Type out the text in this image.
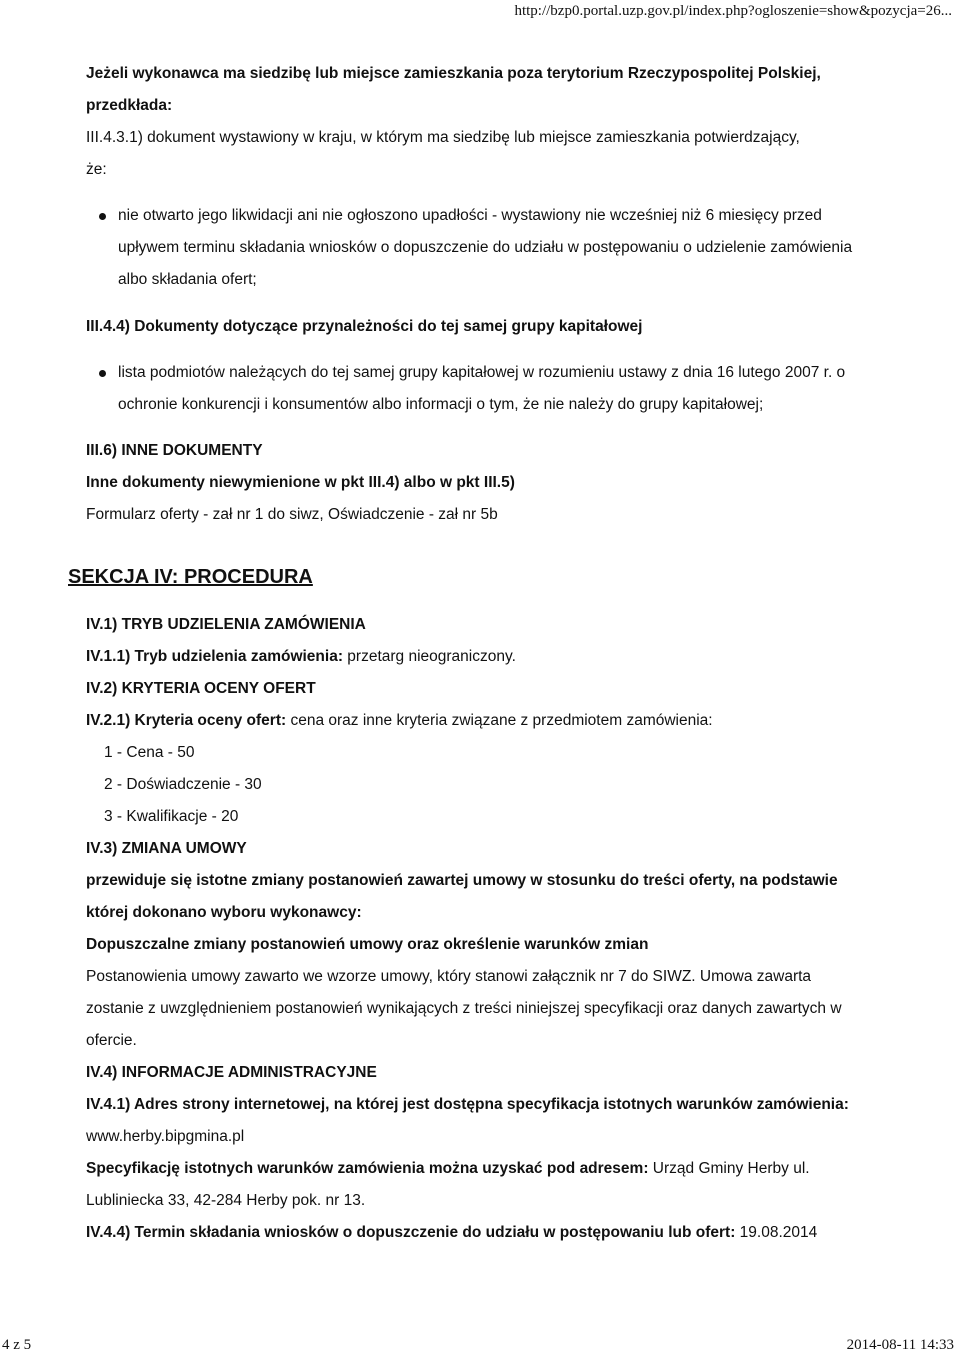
http://bzp0.portal.uzp.gov.pl/index.php?ogloszenie=show&pozycja=26...

Jeżeli wykonawca ma siedzibę lub miejsce zamieszkania poza terytorium Rzeczypospolitej Polskiej,

przedkłada:

III.4.3.1) dokument wystawiony w kraju, w którym ma siedzibę lub miejsce zamieszkania potwierdzający,

że:

nie otwarto jego likwidacji ani nie ogłoszono upadłości - wystawiony nie wcześniej niż 6 miesięcy przed

upływem terminu składania wniosków o dopuszczenie do udziału w postępowaniu o udzielenie zamówienia

albo składania ofert;

III.4.4) Dokumenty dotyczące przynależności do tej samej grupy kapitałowej

lista podmiotów należących do tej samej grupy kapitałowej w rozumieniu ustawy z dnia 16 lutego 2007 r. o

ochronie konkurencji i konsumentów albo informacji o tym, że nie należy do grupy kapitałowej;

III.6) INNE DOKUMENTY

Inne dokumenty niewymienione w pkt III.4) albo w pkt III.5)

Formularz oferty - zał nr 1 do siwz, Oświadczenie - zał nr 5b

SEKCJA IV: PROCEDURA

IV.1) TRYB UDZIELENIA ZAMÓWIENIA

IV.1.1) Tryb udzielenia zamówienia: przetarg nieograniczony.

IV.2) KRYTERIA OCENY OFERT

IV.2.1) Kryteria oceny ofert: cena oraz inne kryteria związane z przedmiotem zamówienia:

1 - Cena - 50

2 - Doświadczenie - 30

3 - Kwalifikacje - 20

IV.3) ZMIANA UMOWY

przewiduje się istotne zmiany postanowień zawartej umowy w stosunku do treści oferty, na podstawie

której dokonano wyboru wykonawcy:

Dopuszczalne zmiany postanowień umowy oraz określenie warunków zmian

Postanowienia umowy zawarto we wzorze umowy, który stanowi załącznik nr 7 do SIWZ. Umowa zawarta

zostanie z uwzględnieniem postanowień wynikających z treści niniejszej specyfikacji oraz danych zawartych w

ofercie.

IV.4) INFORMACJE ADMINISTRACYJNE

IV.4.1) Adres strony internetowej, na której jest dostępna specyfikacja istotnych warunków zamówienia:

www.herby.bipgmina.pl

Specyfikację istotnych warunków zamówienia można uzyskać pod adresem: Urząd Gminy Herby ul.

Lubliniecka 33, 42-284 Herby pok. nr 13.

IV.4.4) Termin składania wniosków o dopuszczenie do udziału w postępowaniu lub ofert: 19.08.2014

4 z 5	2014-08-11 14:33
